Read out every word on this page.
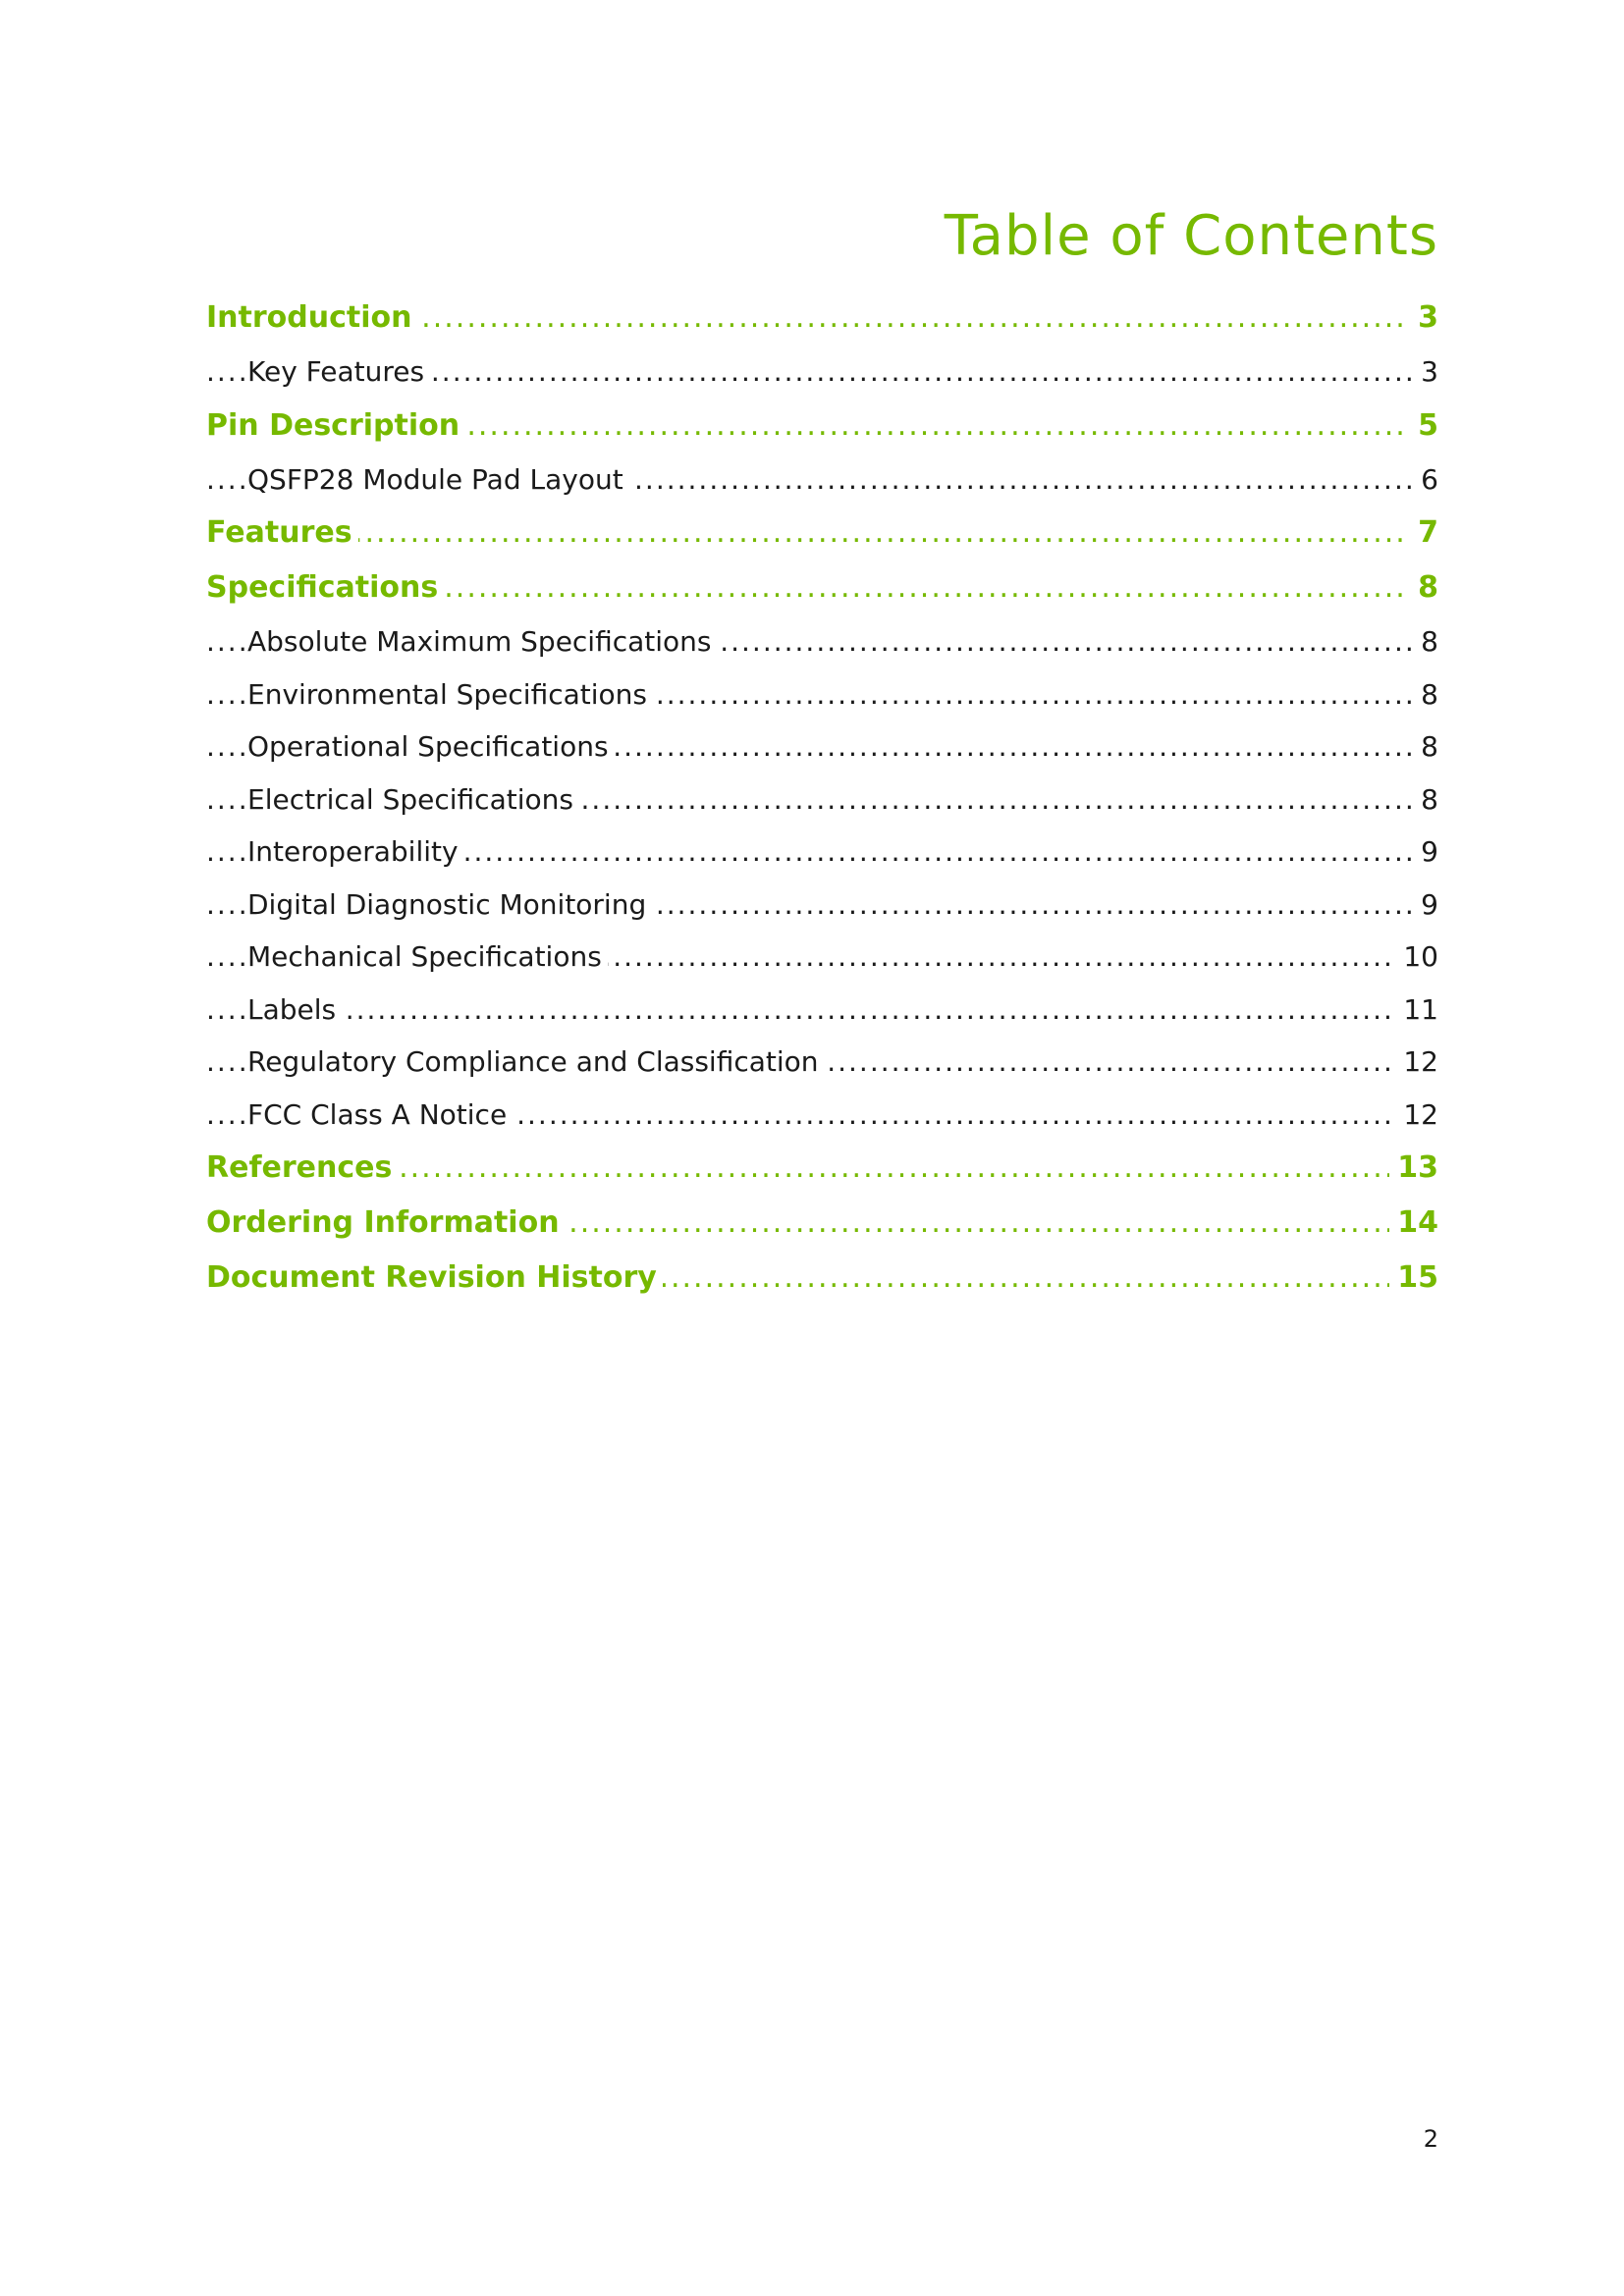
Table of Contents
Introduction	3
.....
Key Features	3
.....
Pin Description	5
.....
QSFP28 Module Pad Layout	6
.....
Features	7
.....
Specifications	8
.....
Absolute Maximum Specifications	8
.....
Environmental Specifications	8
.....
Operational Specifications	8
.....
Electrical Specifications	8
.....
Interoperability	9
.....
Digital Diagnostic Monitoring	9
.....
Mechanical Specifications	10
.....
Labels	11
.....
Regulatory Compliance and Classification	12
.....
FCC Class A Notice	12
.....
References	13
.....
Ordering Information	14
.....
Document Revision History	15
.....
2
